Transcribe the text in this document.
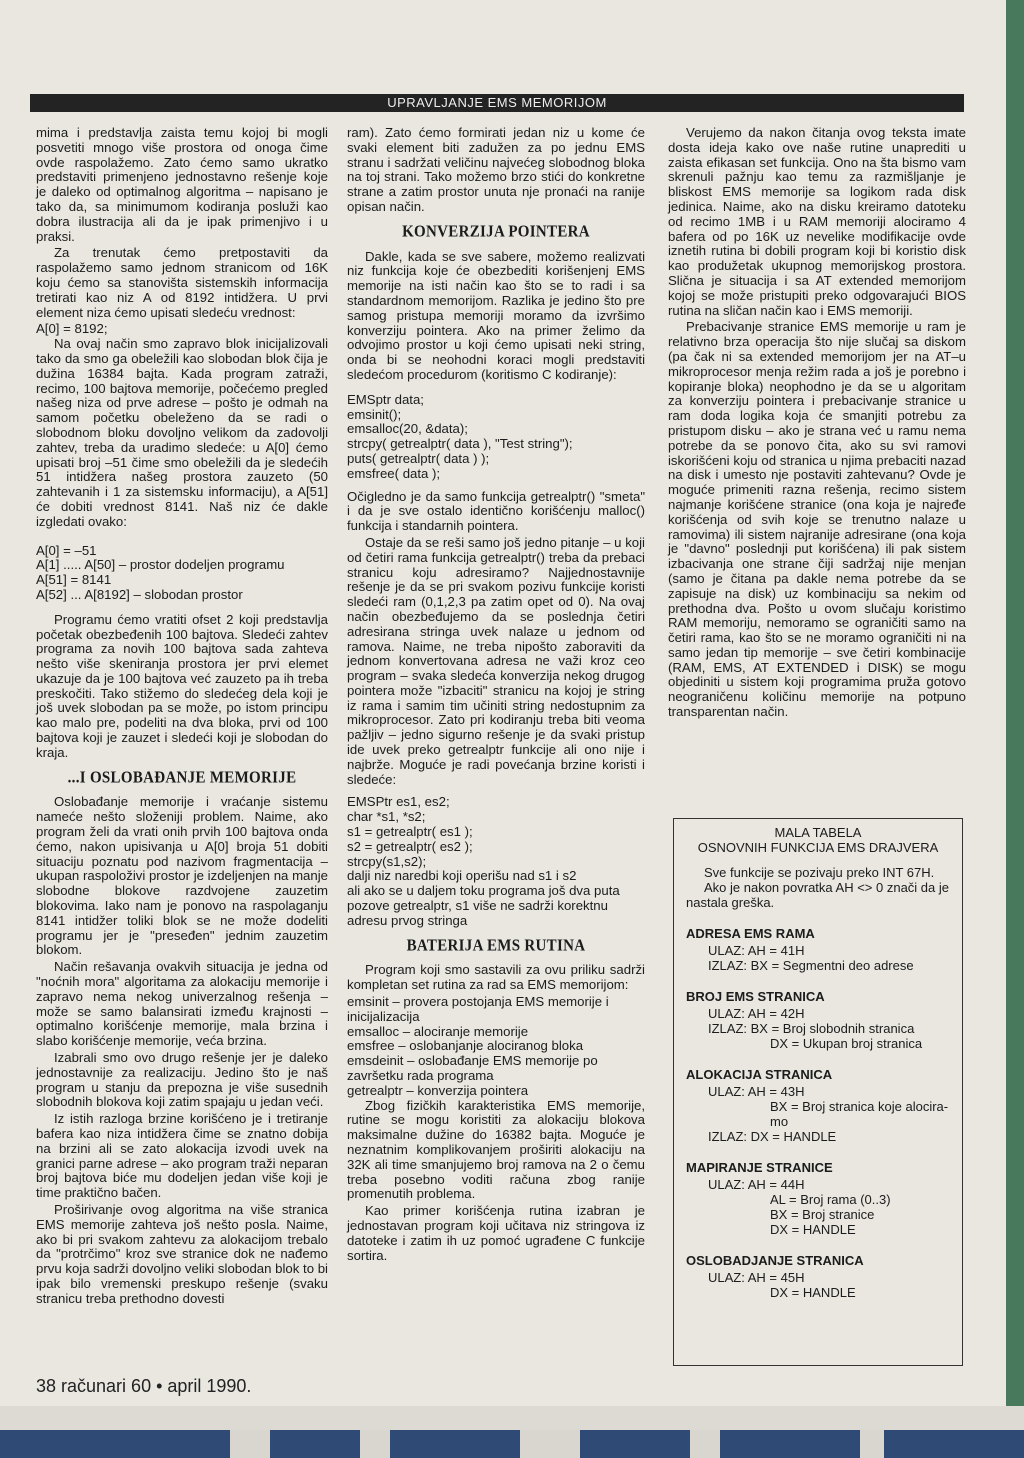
UPRAVLJANJE EMS MEMORIJOM

mima i predstavlja zaista temu kojoj bi mogli posvetiti mnogo više prostora od onoga čime ovde raspolažemo. Zato ćemo samo ukratko predstaviti primenjeno jednostavno rešenje koje je daleko od optimalnog algoritma – napisano je tako da, sa minimumom kodiranja posluži kao dobra ilustracija ali da je ipak primenjivo i u praksi.

Za trenutak ćemo pretpostaviti da raspolažemo samo jednom stranicom od 16K koju ćemo sa stanovišta sistemskih informacija tretirati kao niz A od 8192 intidžera. U prvi element niza ćemo upisati sledeću vrednost:

A[0] = 8192;

Na ovaj način smo zapravo blok inicijalizovali tako da smo ga obeležili kao slobodan blok čija je dužina 16384 bajta. Kada program zatraži, recimo, 100 bajtova memorije, počećemo pregled našeg niza od prve adrese – pošto je odmah na samom početku obeleženo da se radi o slobodnom bloku dovoljno velikom da zadovolji zahtev, treba da uradimo sledeće: u A[0] ćemo upisati broj –51 čime smo obeležili da je sledećih 51 intidžera našeg prostora zauzeto (50 zahtevanih i 1 za sistemsku informaciju), a A[51] će dobiti vrednost 8141. Naš niz će dakle izgledati ovako:

A[0] = –51

A[1] ..... A[50] – prostor dodeljen programu

A[51] = 8141

A[52] ... A[8192] – slobodan prostor

Programu ćemo vratiti ofset 2 koji predstavlja početak obezbeđenih 100 bajtova. Sledeći zahtev programa za novih 100 bajtova sada zahteva nešto više skeniranja prostora jer prvi elemet ukazuje da je 100 bajtova već zauzeto pa ih treba preskočiti. Tako stižemo do sledećeg dela koji je još uvek slobodan pa se može, po istom principu kao malo pre, podeliti na dva bloka, prvi od 100 bajtova koji je zauzet i sledeći koji je slobodan do kraja.

...I OSLOBAĐANJE MEMORIJE

Oslobađanje memorije i vraćanje sistemu nameće nešto složeniji problem. Naime, ako program želi da vrati onih prvih 100 bajtova onda ćemo, nakon upisivanja u A[0] broja 51 dobiti situaciju poznatu pod nazivom fragmentacija – ukupan raspoloživi prostor je izdeljenjen na manje slobodne blokove razdvojene zauzetim blokovima. Iako nam je ponovo na raspolaganju 8141 intidžer toliki blok se ne može dodeliti programu jer je "preseđen" jednim zauzetim blokom.

Način rešavanja ovakvih situacija je jedna od "noćnih mora" algoritama za alokaciju memorije i zapravo nema nekog univerzalnog rešenja – može se samo balansirati između krajnosti – optimalno korišćenje memorije, mala brzina i slabo korišćenje memorije, veća brzina.

Izabrali smo ovo drugo rešenje jer je daleko jednostavnije za realizaciju. Jedino što je naš program u stanju da prepozna je više susednih slobodnih blokova koji zatim spajaju u jedan veći.

Iz istih razloga brzine korišćeno je i tretiranje bafera kao niza intidžera čime se znatno dobija na brzini ali se zato alokacija izvodi uvek na granici parne adrese – ako program traži neparan broj bajtova biće mu dodeljen jedan više koji je time praktično bačen.

Proširivanje ovog algoritma na više stranica EMS memorije zahteva još nešto posla. Naime, ako bi pri svakom zahtevu za alokacijom trebalo da "protrčimo" kroz sve stranice dok ne nađemo prvu koja sadrži dovoljno veliki slobodan blok to bi ipak bilo vremenski preskupo rešenje (svaku stranicu treba prethodno dovesti

ram). Zato ćemo formirati jedan niz u kome će svaki element biti zadužen za po jednu EMS stranu i sadržati veličinu najvećeg slobodnog bloka na toj strani. Tako možemo brzo stići do konkretne strane a zatim prostor unuta nje pronaći na ranije opisan način.

KONVERZIJA POINTERA

Dakle, kada se sve sabere, možemo realizvati niz funkcija koje će obezbediti korišenjenj EMS memorije na isti način kao što se to radi i sa standardnom memorijom. Razlika je jedino što pre samog pristupa memoriji moramo da izvršimo konverziju pointera. Ako na primer želimo da odvojimo prostor u koji ćemo upisati neki string, onda bi se neohodni koraci mogli predstaviti sledećom procedurom (koritismo C kodiranje):

EMSptr data;

emsinit();

emsalloc(20, &data);

strcpy( getrealptr( data ), "Test string");

puts( getrealptr( data ) );

emsfree( data );

Očigledno je da samo funkcija getrealptr() "smeta" i da je sve ostalo identično korišćenju malloc() funkcija i standarnih pointera.

Ostaje da se reši samo još jedno pitanje – u koji od četiri rama funkcija getrealptr() treba da prebaci stranicu koju adresiramo? Najjednostavnije rešenje je da se pri svakom pozivu funkcije koristi sledeći ram (0,1,2,3 pa zatim opet od 0). Na ovaj način obezbeđujemo da se poslednja četiri adresirana stringa uvek nalaze u jednom od ramova. Naime, ne treba nipošto zaboraviti da jednom konvertovana adresa ne važi kroz ceo program – svaka sledeća konverzija nekog drugog pointera može "izbaciti" stranicu na kojoj je string iz rama i samim tim učiniti string nedostupnim za mikroprocesor. Zato pri kodiranju treba biti veoma pažljiv – jedno sigurno rešenje je da svaki pristup ide uvek preko getrealptr funkcije ali ono nije i najbrže. Moguće je radi povećanja brzine koristi i sledeće:

EMSPtr es1, es2;

char *s1, *s2;

s1 = getrealptr( es1 );

s2 = getrealptr( es2 );

strcpy(s1,s2);

dalji niz naredbi koji operišu nad s1 i s2

ali ako se u daljem toku programa još dva puta pozove getrealptr, s1 više ne sadrži korektnu adresu prvog stringa

BATERIJA EMS RUTINA

Program koji smo sastavili za ovu priliku sadrži kompletan set rutina za rad sa EMS memorijom:

emsinit – provera postojanja EMS memorije i inicijalizacija

emsalloc – alociranje memorije

emsfree – oslobanjanje alociranog bloka

emsdeinit – oslobađanje EMS memorije po završetku rada programa

getrealptr – konverzija pointera

Zbog fizičkih karakteristika EMS memorije, rutine se mogu koristiti za alokaciju blokova maksimalne dužine do 16382 bajta. Moguće je neznatnim komplikovanjem proširiti alokaciju na 32K ali time smanjujemo broj ramova na 2 o čemu treba posebno voditi računa zbog ranije promenutih problema.

Kao primer korišćenja rutina izabran je jednostavan program koji učitava niz stringova iz datoteke i zatim ih uz pomoć ugrađene C funkcije sortira.

Verujemo da nakon čitanja ovog teksta imate dosta ideja kako ove naše rutine unaprediti u zaista efikasan set funkcija. Ono na šta bismo vam skrenuli pažnju kao temu za razmišljanje je bliskost EMS memorije sa logikom rada disk jedinica. Naime, ako na disku kreiramo datoteku od recimo 1MB i u RAM memoriji alociramo 4 bafera od po 16K uz nevelike modifikacije ovde iznetih rutina bi dobili program koji bi koristio disk kao produžetak ukupnog memorijskog prostora. Slična je situacija i sa AT extended memorijom kojoj se može pristupiti preko odgovarajući BIOS rutina na sličan način kao i EMS memoriji.

Prebacivanje stranice EMS memorije u ram je relativno brza operacija što nije slučaj sa diskom (pa čak ni sa extended memorijom jer na AT–u mikroprocesor menja režim rada a još je porebno i kopiranje bloka) neophodno je da se u algoritam za konverziju pointera i prebacivanje stranice u ram doda logika koja će smanjiti potrebu za pristupom disku – ako je strana već u ramu nema potrebe da se ponovo čita, ako su svi ramovi iskorišćeni koju od stranica u njima prebaciti nazad na disk i umesto nje postaviti zahtevanu? Ovde je moguće primeniti razna rešenja, recimo sistem najmanje korišćene stranice (ona koja je najređe korišćenja od svih koje se trenutno nalaze u ramovima) ili sistem najranije adresirane (ona koja je "davno" poslednji put korišćena) ili pak sistem izbacivanja one strane čiji sadržaj nije menjan (samo je čitana pa dakle nema potrebe da se zapisuje na disk) uz kombinaciju sa nekim od prethodna dva. Pošto u ovom slučaju koristimo RAM memoriju, nemoramo se ograničiti samo na četiri rama, kao što se ne moramo ograničiti ni na samo jedan tip memorije – sve četiri kombinacije (RAM, EMS, AT EXTENDED i DISK) se mogu objediniti u sistem koji programima pruža gotovo neograničenu količinu memorije na potpuno transparentan način.

MALA TABELA

OSNOVNIH FUNKCIJA EMS DRAJVERA

Sve funkcije se pozivaju preko INT 67H.

Ako je nakon povratka AH <> 0 znači da je nastala greška.

ADRESA EMS RAMA

ULAZ: AH = 41H

IZLAZ: BX = Segmentni deo adrese

BROJ EMS STRANICA

ULAZ: AH = 42H

IZLAZ: BX = Broj slobodnih stranica

DX = Ukupan broj stranica

ALOKACIJA STRANICA

ULAZ: AH = 43H

BX = Broj stranica koje alocira-

mo

IZLAZ: DX = HANDLE

MAPIRANJE STRANICE

ULAZ: AH = 44H

AL = Broj rama (0..3)

BX = Broj stranice

DX = HANDLE

OSLOBADJANJE STRANICA

ULAZ: AH = 45H

DX = HANDLE

38 računari 60 • april 1990.
